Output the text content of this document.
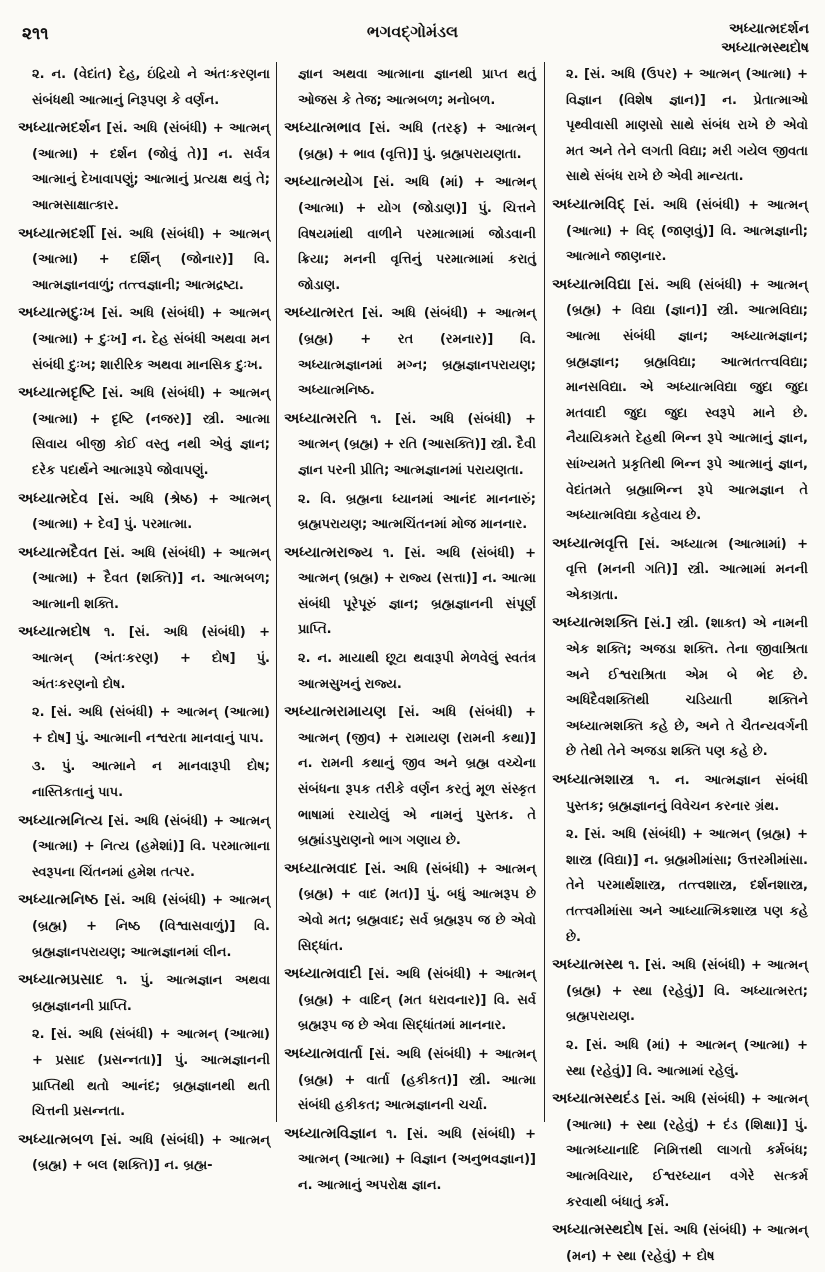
૨૧૧	ભગવદ્ગોમંડલ	અધ્યાત્મદર્શન
અધ્યાત્મસ્થદોષ

૨. ન. (વેદાંત) દેહ, ઇંદ્રિયો ને અંતઃકરણના સંબંધથી આત્માનું નિરૂપણ કે વર્ણન.

અધ્યાત્મદર્શન [સં. અધિ (સંબંધી) + આત્મન્ (આત્મા) + દર્શન (જોવું તે)] ન. સર્વત્ર આત્માનું દેખાવાપણું; આત્માનું પ્રત્યક્ષ થવું તે; આત્મસાક્ષાત્કાર.

અધ્યાત્મદર્શી [સં. અધિ (સંબંધી) + આત્મન્ (આત્મા) + દર્શિન્ (જોનાર)] વિ. આત્મજ્ઞાનવાળું; તત્ત્વજ્ઞાની; આત્મદ્રષ્ટા.

અધ્યાત્મદુઃખ [સં. અધિ (સંબંધી) + આત્મન્ (આત્મા) + દુઃખ] ન. દેહ સંબંધી અથવા મન સંબંધી દુઃખ; શારીરિક અથવા માનસિક દુઃખ.

અધ્યાત્મદૃષ્ટિ [સં. અધિ (સંબંધી) + આત્મન્ (આત્મા) + દૃષ્ટિ (નજર)] સ્ત્રી. આત્મા સિવાય બીજી કોઈ વસ્તુ નથી એવું જ્ઞાન; દરેક પદાર્થને આત્મારૂપે જોવાપણું.

અધ્યાત્મદેવ [સં. અધિ (શ્રેષ્ઠ) + આત્મન્ (આત્મા) + દેવ] પું. પરમાત્મા.

અધ્યાત્મદૈવત [સં. અધિ (સંબંધી) + આત્મન્ (આત્મા) + દૈવત (શક્તિ)] ન. આત્મબળ; આત્માની શક્તિ.

અધ્યાત્મદોષ ૧. [સં. અધિ (સંબંધી) + આત્મન્ (અંતઃકરણ) + દોષ] પું. અંતઃકરણનો દોષ.

૨. [સં. અધિ (સંબંધી) + આત્મન્ (આત્મા) + દોષ] પું. આત્માની નશ્વરતા માનવાનું પાપ.

૩. પું. આત્માને ન માનવારૂપી દોષ; નાસ્તિકતાનું પાપ.

અધ્યાત્મનિત્ય [સં. અધિ (સંબંધી) + આત્મન્ (આત્મા) + નિત્ય (હમેશાં)] વિ. પરમાત્માના સ્વરૂપના ચિંતનમાં હમેશ તત્પર.

અધ્યાત્મનિષ્ઠ [સં. અધિ (સંબંધી) + આત્મન્ (બ્રહ્મ) + નિષ્ઠ (વિશ્વાસવાળું)] વિ. બ્રહ્મજ્ઞાનપરાયણ; આત્મજ્ઞાનમાં લીન.

અધ્યાત્મપ્રસાદ ૧. પું. આત્મજ્ઞાન અથવા બ્રહ્મજ્ઞાનની પ્રાપ્તિ.

૨. [સં. અધિ (સંબંધી) + આત્મન્ (આત્મા) + પ્રસાદ (પ્રસન્નતા)] પું. આત્મજ્ઞાનની પ્રાપ્તિથી થતો આનંદ; બ્રહ્મજ્ઞાનથી થતી ચિત્તની પ્રસન્નતા.

અધ્યાત્મબળ [સં. અધિ (સંબંધી) + આત્મન્ (બ્રહ્મ) + બલ (શક્તિ)] ન. બ્રહ્મ-

જ્ઞાન અથવા આત્માના જ્ઞાનથી પ્રાપ્ત થતું ઓજસ કે તેજ; આત્મબળ; મનોબળ.

અધ્યાત્મભાવ [સં. અધિ (તરફ) + આત્મન્ (બ્રહ્મ) + ભાવ (વૃત્તિ)] પું. બ્રહ્મપરાયણતા.

અધ્યાત્મયોગ [સં. અધિ (માં) + આત્મન્ (આત્મા) + યોગ (જોડાણ)] પું. ચિત્તને વિષયમાંથી વાળીને પરમાત્મામાં જોડવાની ક્રિયા; મનની વૃત્તિનું પરમાત્મામાં કરાતું જોડાણ.

અધ્યાત્મરત [સં. અધિ (સંબંધી) + આત્મન્ (બ્રહ્મ) + રત (રમનાર)] વિ. અધ્યાત્મજ્ઞાનમાં મગ્ન; બ્રહ્મજ્ઞાનપરાયણ; અધ્યાત્મનિષ્ઠ.

અધ્યાત્મરતિ ૧. [સં. અધિ (સંબંધી) + આત્મન્ (બ્રહ્મ) + રતિ (આસક્તિ)] સ્ત્રી. દૈવી જ્ઞાન પરની પ્રીતિ; આત્મજ્ઞાનમાં પરાયણતા.

૨. વિ. બ્રહ્મના ધ્યાનમાં આનંદ માનનારું; બ્રહ્મપરાયણ; આત્મચિંતનમાં મોજ માનનાર.

અધ્યાત્મરાજ્ય ૧. [સં. અધિ (સંબંધી) + આત્મન્ (બ્રહ્મ) + રાજ્ય (સત્તા)] ન. આત્મા સંબંધી પૂરેપૂરું જ્ઞાન; બ્રહ્મજ્ઞાનની સંપૂર્ણ પ્રાપ્તિ.

૨. ન. માયાથી છૂટા થવારૂપી મેળવેલું સ્વતંત્ર આત્મસુખનું રાજ્ય.

અધ્યાત્મરામાયણ [સં. અધિ (સંબંધી) + આત્મન્ (જીવ) + રામાયણ (રામની કથા)] ન. રામની કથાનું જીવ અને બ્રહ્મ વચ્ચેના સંબંધના રૂપક તરીકે વર્ણન કરતું મૂળ સંસ્કૃત ભાષામાં રચાયેલું એ નામનું પુસ્તક. તે બ્રહ્માંડપુરાણનો ભાગ ગણાય છે.

અધ્યાત્મવાદ [સં. અધિ (સંબંધી) + આત્મન્ (બ્રહ્મ) + વાદ (મત)] પું. બધું આત્મરૂપ છે એવો મત; બ્રહ્મવાદ; સર્વ બ્રહ્મરૂપ જ છે એવો સિદ્ધાંત.

અધ્યાત્મવાદી [સં. અધિ (સંબંધી) + આત્મન્ (બ્રહ્મ) + વાદિન્ (મત ધરાવનાર)] વિ. સર્વ બ્રહ્મરૂપ જ છે એવા સિદ્ધાંતમાં માનનાર.

અધ્યાત્મવાર્તા [સં. અધિ (સંબંધી) + આત્મન્ (બ્રહ્મ) + વાર્તા (હકીકત)] સ્ત્રી. આત્મા સંબંધી હકીકત; આત્મજ્ઞાનની ચર્ચા.

અધ્યાત્મવિજ્ઞાન ૧. [સં. અધિ (સંબંધી) + આત્મન્ (આત્મા) + વિજ્ઞાન (અનુભવજ્ઞાન)] ન. આત્માનું અપરોક્ષ જ્ઞાન.

૨. [સં. અધિ (ઉપર) + આત્મન્ (આત્મા) + વિજ્ઞાન (વિશેષ જ્ઞાન)] ન. પ્રેતાત્માઓ પૃથ્વીવાસી માણસો સાથે સંબંધ રાખે છે એવો મત અને તેને લગતી વિદ્યા; મરી ગયેલ જીવતા સાથે સંબંધ રાખે છે એવી માન્યતા.

અધ્યાત્મવિદ્ [સં. અધિ (સંબંધી) + આત્મન્ (આત્મા) + વિદ્ (જાણવું)] વિ. આત્મજ્ઞાની; આત્માને જાણનાર.

અધ્યાત્મવિદ્યા [સં. અધિ (સંબંધી) + આત્મન્ (બ્રહ્મ) + વિદ્યા (જ્ઞાન)] સ્ત્રી. આત્મવિદ્યા; આત્મા સંબંધી જ્ઞાન; અધ્યાત્મજ્ઞાન; બ્રહ્મજ્ઞાન; બ્રહ્મવિદ્યા; આત્મતત્ત્વવિદ્યા; માનસવિદ્યા. એ અધ્યાત્મવિદ્યા જુદા જુદા મતવાદી જુદા જુદા સ્વરૂપે માને છે. નૈયાયિકમતે દેહથી ભિન્ન રૂપે આત્માનું જ્ઞાન, સાંખ્યમતે પ્રકૃતિથી ભિન્ન રૂપે આત્માનું જ્ઞાન, વેદાંતમતે બ્રહ્માભિન્ન રૂપે આત્મજ્ઞાન તે અધ્યાત્મવિદ્યા કહેવાય છે.

અધ્યાત્મવૃત્તિ [સં. અધ્યાત્મ (આત્મામાં) + વૃત્તિ (મનની ગતિ)] સ્ત્રી. આત્મામાં મનની એકાગ્રતા.

અધ્યાત્મશક્તિ [સં.] સ્ત્રી. (શાક્ત) એ નામની એક શક્તિ; અજડા શક્તિ. તેના જીવાશ્રિતા અને ઈશ્વરાશ્રિતા એમ બે ભેદ છે. અધિદૈવશક્તિથી ચડિયાતી શક્તિને અધ્યાત્મશક્તિ કહે છે, અને તે ચૈતન્યવર્ગની છે તેથી તેને અજડા શક્તિ પણ કહે છે.

અધ્યાત્મશાસ્ત્ર ૧. ન. આત્મજ્ઞાન સંબંધી પુસ્તક; બ્રહ્મજ્ઞાનનું વિવેચન કરનાર ગ્રંથ.

૨. [સં. અધિ (સંબંધી) + આત્મન્ (બ્રહ્મ) + શાસ્ત્ર (વિદ્યા)] ન. બ્રહ્મમીમાંસા; ઉત્તરમીમાંસા. તેને પરમાર્થશાસ્ત્ર, તત્ત્વશાસ્ત્ર, દર્શનશાસ્ત્ર, તત્ત્વમીમાંસા અને આધ્યાત્મિકશાસ્ત્ર પણ કહે છે.

અધ્યાત્મસ્થ ૧. [સં. અધિ (સંબંધી) + આત્મન્ (બ્રહ્મ) + સ્થા (રહેવું)] વિ. અધ્યાત્મરત; બ્રહ્મપરાયણ.

૨. [સં. અધિ (માં) + આત્મન્ (આત્મા) + સ્થા (રહેવું)] વિ. આત્મામાં રહેલું.

અધ્યાત્મસ્થદંડ [સં. અધિ (સંબંધી) + આત્મન્ (આત્મા) + સ્થા (રહેવું) + દંડ (શિક્ષા)] પું. આત્મધ્યાનાદિ નિમિત્તથી લાગતો કર્મબંધ; આત્મવિચાર, ઈશ્વરધ્યાન વગેરે સત્કર્મ કરવાથી બંધાતું કર્મ.

અધ્યાત્મસ્થદોષ [સં. અધિ (સંબંધી) + આત્મન્ (મન) + સ્થા (રહેવું) + દોષ
